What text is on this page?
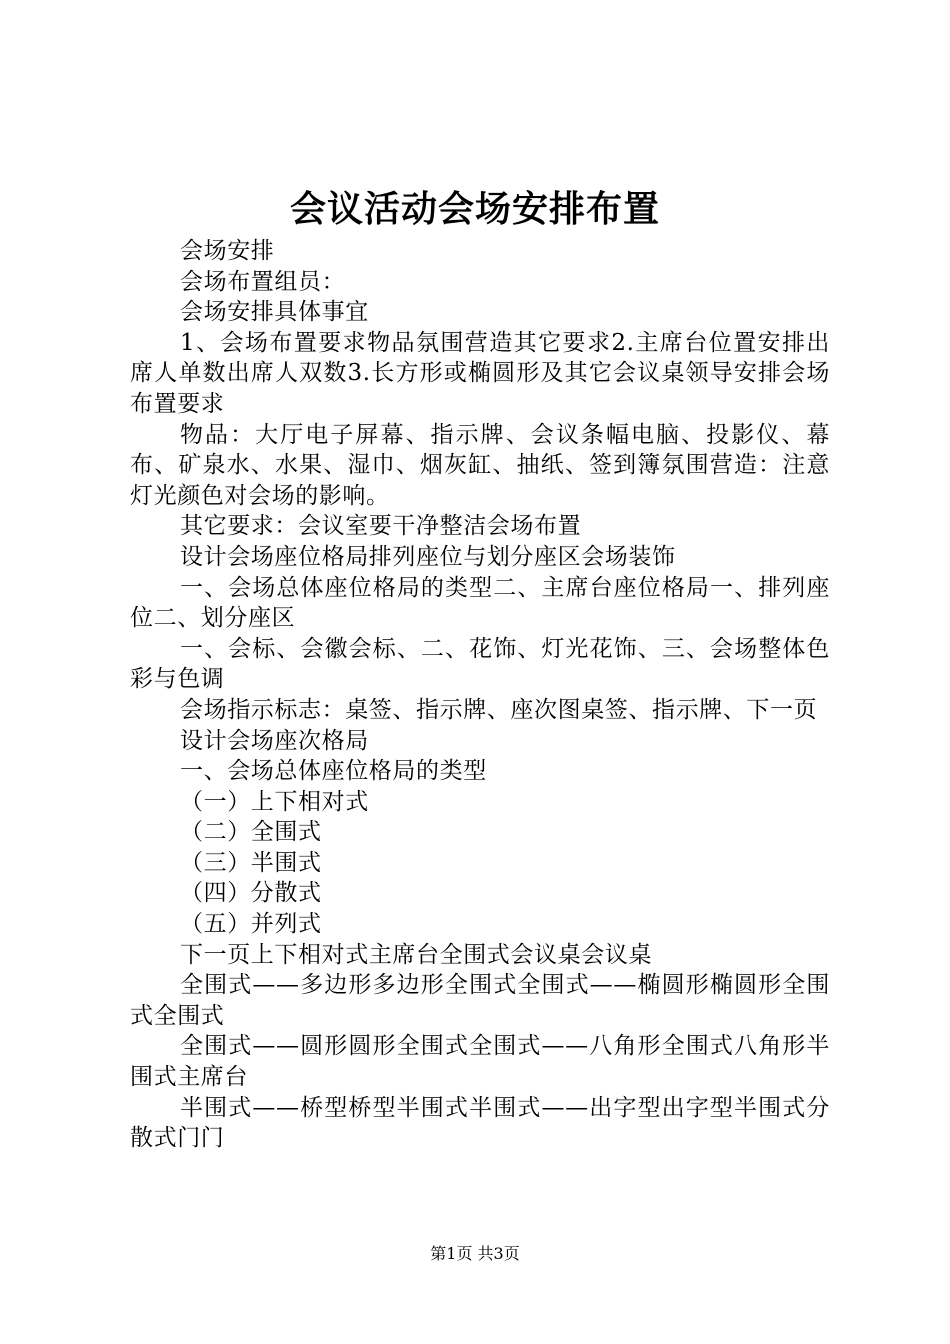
会议活动会场安排布置

会场安排

会场布置组员：

会场安排具体事宜

1、会场布置要求物品氛围营造其它要求2.主席台位置安排出席人单数出席人双数3.长方形或椭圆形及其它会议桌领导安排会场布置要求

物品：大厅电子屏幕、指示牌、会议条幅电脑、投影仪、幕布、矿泉水、水果、湿巾、烟灰缸、抽纸、签到簿氛围营造：注意灯光颜色对会场的影响。

其它要求：会议室要干净整洁会场布置

设计会场座位格局排列座位与划分座区会场装饰

一、会场总体座位格局的类型二、主席台座位格局一、排列座位二、划分座区

一、会标、会徽会标、二、花饰、灯光花饰、三、会场整体色彩与色调

会场指示标志：桌签、指示牌、座次图桌签、指示牌、下一页

设计会场座次格局

一、会场总体座位格局的类型

（一）上下相对式

（二）全围式

（三）半围式

（四）分散式

（五）并列式

下一页上下相对式主席台全围式会议桌会议桌

全围式——多边形多边形全围式全围式——椭圆形椭圆形全围式全围式

全围式——圆形圆形全围式全围式——八角形全围式八角形半围式主席台

半围式——桥型桥型半围式半围式——出字型出字型半围式分散式门门

第1页 共3页
